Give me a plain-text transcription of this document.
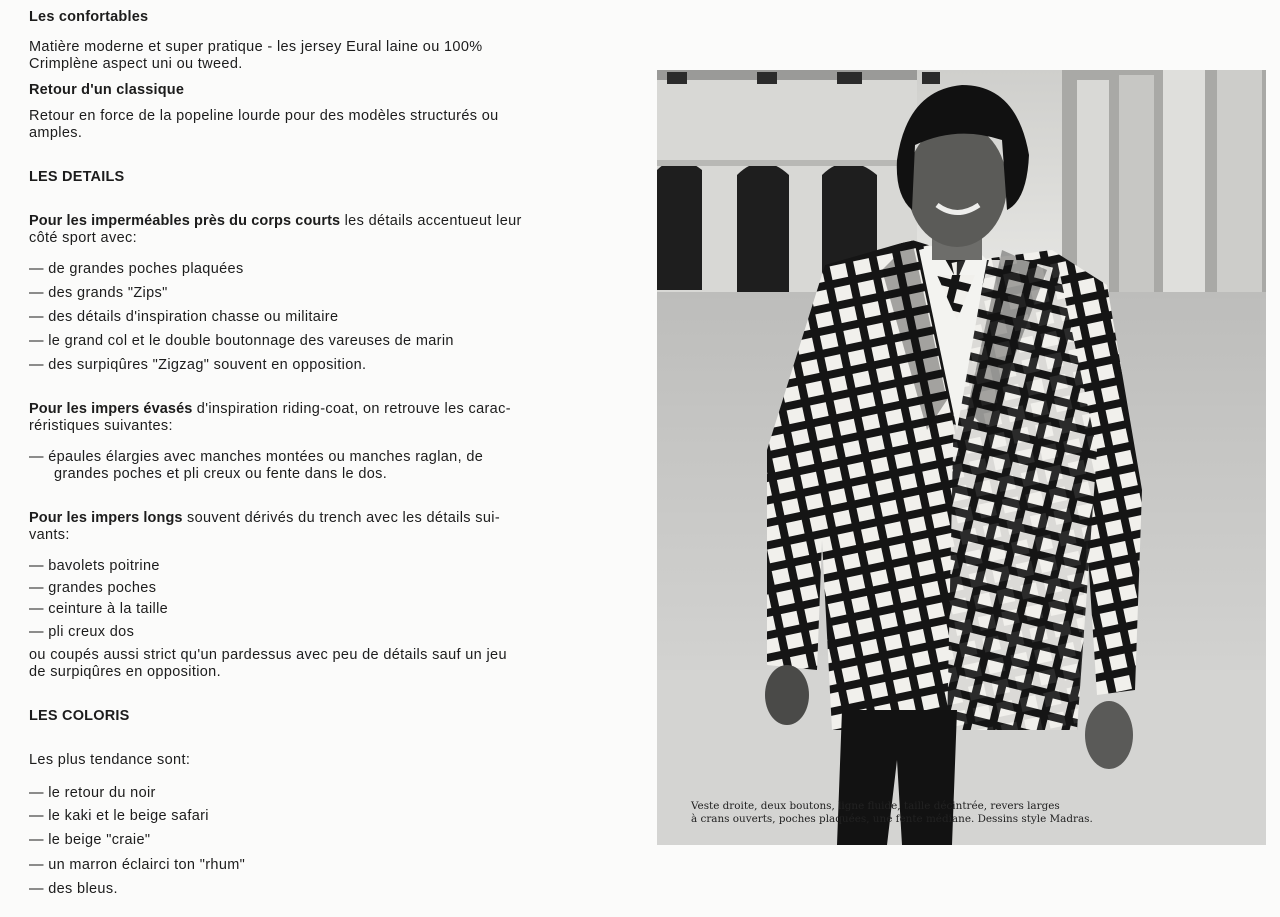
Les confortables
Matière moderne et super pratique - les jersey Eural laine ou 100%
Crimplène aspect uni ou tweed.
Retour d'un classique
Retour en force de la popeline lourde pour des modèles structurés ou
amples.
LES DETAILS
Pour les imperméables près du corps courts les détails accentueut leur
côté sport avec:
— de grandes poches plaquées
— des grands "Zips"
— des détails d'inspiration chasse ou militaire
— le grand col et le double boutonnage des vareuses de marin
— des surpiqûres "Zigzag" souvent en opposition.
Pour les impers évasés d'inspiration riding-coat, on retrouve les carac-
réristiques suivantes:
— épaules élargies avec manches montées ou manches raglan, de
grandes poches et pli creux ou fente dans le dos.
Pour les impers longs souvent dérivés du trench avec les détails sui-
vants:
— bavolets poitrine
— grandes poches
— ceinture à la taille
— pli creux dos
ou coupés aussi strict qu'un pardessus avec peu de détails sauf un jeu
de surpiqûres en opposition.
LES COLORIS
Les plus tendance sont:
— le retour du noir
— le kaki et le beige safari
— le beige "craie"
— un marron éclairci ton "rhum"
— des bleus.
Veste droite, deux boutons, ligne fluide, taille décintrée, revers larges
à crans ouverts, poches plaquées, une fente médiane. Dessins style Madras.
